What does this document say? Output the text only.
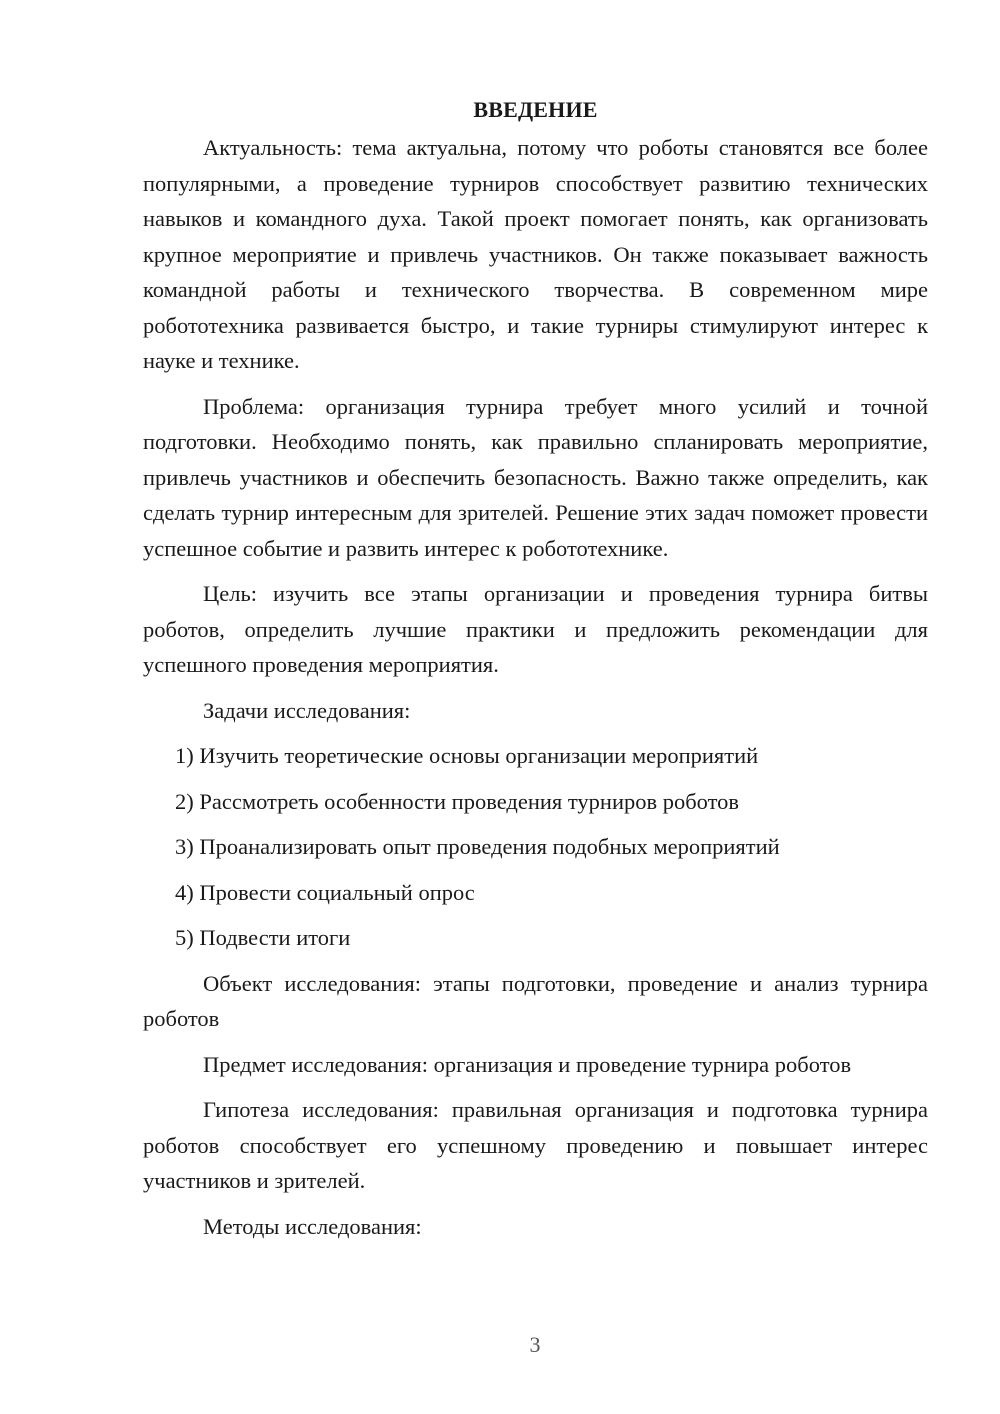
ВВЕДЕНИЕ

Актуальность: тема актуальна, потому что роботы становятся все более популярными, а проведение турниров способствует развитию технических навыков и командного духа. Такой проект помогает понять, как организовать крупное мероприятие и привлечь участников. Он также показывает важность командной работы и технического творчества. В современном мире робототехника развивается быстро, и такие турниры стимулируют интерес к науке и технике.

Проблема: организация турнира требует много усилий и точной подготовки. Необходимо понять, как правильно спланировать мероприятие, привлечь участников и обеспечить безопасность. Важно также определить, как сделать турнир интересным для зрителей. Решение этих задач поможет провести успешное событие и развить интерес к робототехнике.

Цель: изучить все этапы организации и проведения турнира битвы роботов, определить лучшие практики и предложить рекомендации для успешного проведения мероприятия.

Задачи исследования:

1) Изучить теоретические основы организации мероприятий
2) Рассмотреть особенности проведения турниров роботов
3) Проанализировать опыт проведения подобных мероприятий
4) Провести социальный опрос
5) Подвести итоги

Объект исследования: этапы подготовки, проведение и анализ турнира роботов

Предмет исследования: организация и проведение турнира роботов

Гипотеза исследования: правильная организация и подготовка турнира роботов способствует его успешному проведению и повышает интерес участников и зрителей.

Методы исследования:

3
